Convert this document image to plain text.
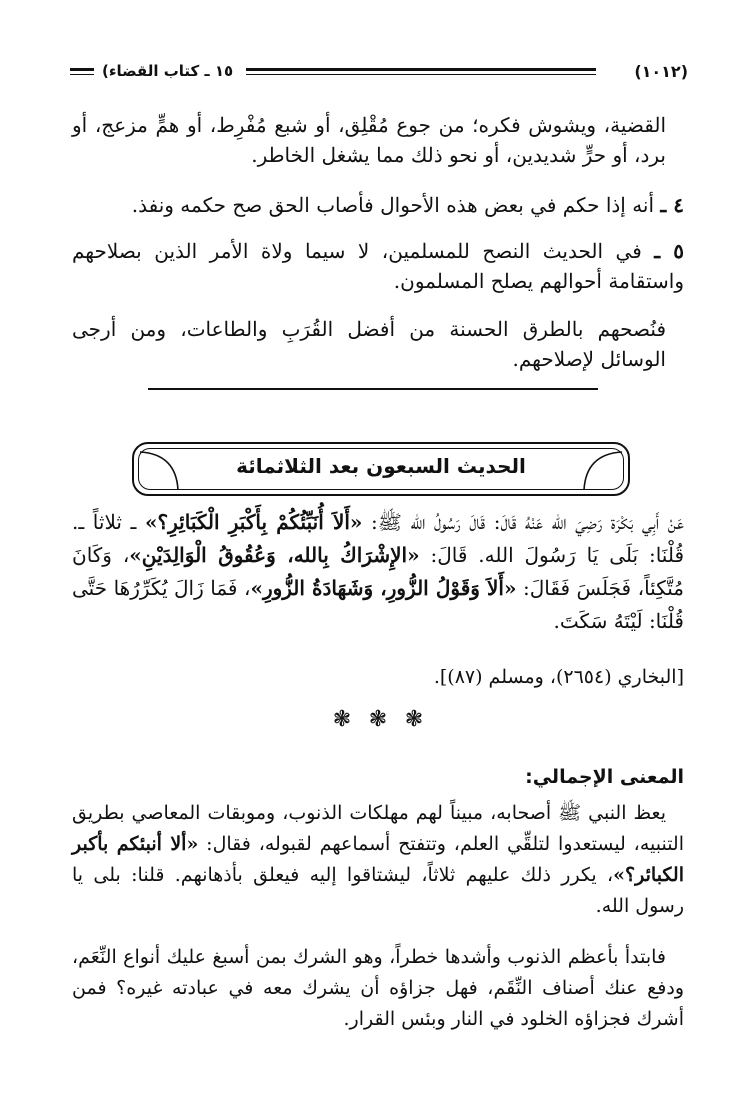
(١٠١٢)
١٥ ـ كتاب القضاء)

القضية، ويشوش فكره؛ من جوع مُقْلِق، أو شبع مُفْرِط، أو همٍّ مزعج، أو برد، أو حرٍّ شديدين، أو نحو ذلك مما يشغل الخاطر.

٤ ـ أنه إذا حكم في بعض هذه الأحوال فأصاب الحق صح حكمه ونفذ.

٥ ـ في الحديث النصح للمسلمين، لا سيما ولاة الأمر الذين بصلاحهم واستقامة أحوالهم يصلح المسلمون.

فنُصحهم بالطرق الحسنة من أفضل القُرَبِ والطاعات، ومن أرجى الوسائل لإصلاحهم.

الحديث السبعون بعد الثلاثمائة
عَنْ أَبِي بَكْرَة رَضِيَ الله عَنْهُ قَالَ: قَالَ رَسُولُ الله ﷺ: «أَلاَ أُنَبِّئُكُمْ بِأَكْبَرِ الْكَبَائِرِ؟» ـ ثلاثاً ـ. قُلْنَا: بَلَى يَا رَسُولَ الله. قَالَ: «الإِشْرَاكُ بِالله، وَعُقُوقُ الْوَالِدَيْنِ»، وَكَانَ مُتَّكِئاً، فَجَلَسَ فَقَالَ: «أَلاَ وَقَوْلُ الزُّورِ، وَشَهَادَةُ الزُّورِ»، فَمَا زَالَ يُكَرِّرُهَا حَتَّى قُلْنَا: لَيْتَهُ سَكَتَ.
[البخاري (٢٦٥٤)، ومسلم (٨٧)].
❃ ❃ ❃
المعنى الإجمالي:

يعظ النبي ﷺ أصحابه، مبيناً لهم مهلكات الذنوب، وموبقات المعاصي بطريق التنبيه، ليستعدوا لتلقِّي العلم، وتتفتح أسماعهم لقبوله، فقال: «ألا أنبئكم بأكبر الكبائر؟»، يكرر ذلك عليهم ثلاثاً، ليشتاقوا إليه فيعلق بأذهانهم. قلنا: بلى يا رسول الله.

فابتدأ بأعظم الذنوب وأشدها خطراً، وهو الشرك بمن أسبغ عليك أنواع النِّعَم، ودفع عنك أصناف النِّقَم، فهل جزاؤه أن يشرك معه في عبادته غيره؟ فمن أشرك فجزاؤه الخلود في النار وبئس القرار.
